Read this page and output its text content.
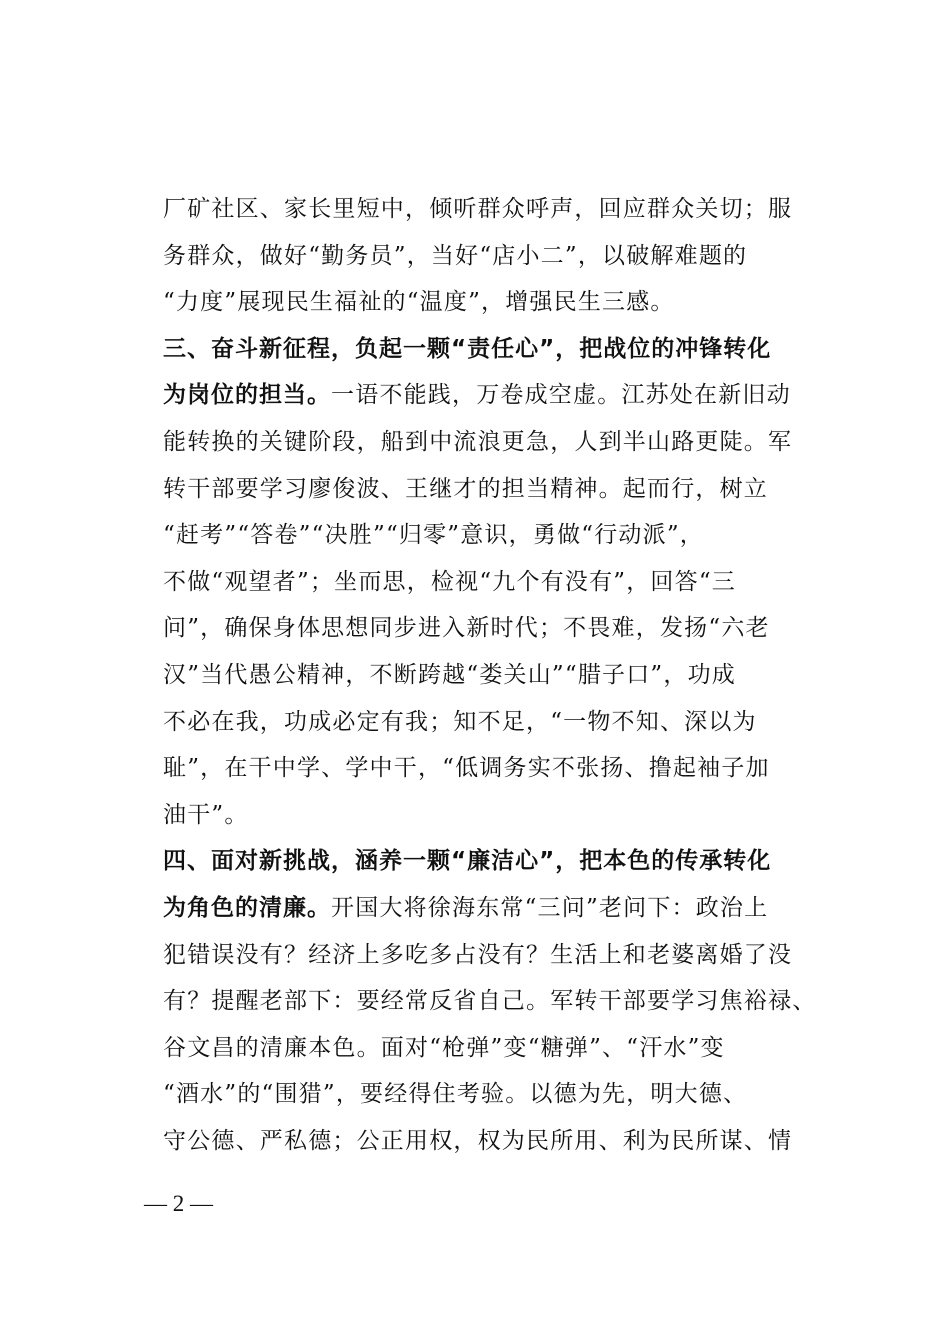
厂矿社区、家长里短中，倾听群众呼声，回应群众关切；服
务群众，做好“勤务员”，当好“店小二”，以破解难题的
“力度”展现民生福祉的“温度”，增强民生三感。
三、奋斗新征程，负起一颗“责任心”，把战位的冲锋转化
为岗位的担当。一语不能践，万卷成空虚。江苏处在新旧动
能转换的关键阶段，船到中流浪更急，人到半山路更陡。军
转干部要学习廖俊波、王继才的担当精神。起而行，树立
“赶考”“答卷”“决胜”“归零”意识，勇做“行动派”，
不做“观望者”；坐而思，检视“九个有没有”，回答“三
问”，确保身体思想同步进入新时代；不畏难，发扬“六老
汉”当代愚公精神，不断跨越“娄关山”“腊子口”，功成
不必在我，功成必定有我；知不足，“一物不知、深以为
耻”，在干中学、学中干，“低调务实不张扬、撸起袖子加
油干”。
四、面对新挑战，涵养一颗“廉洁心”，把本色的传承转化
为角色的清廉。开国大将徐海东常“三问”老问下：政治上
犯错误没有？经济上多吃多占没有？生活上和老婆离婚了没
有？提醒老部下：要经常反省自己。军转干部要学习焦裕禄、
谷文昌的清廉本色。面对“枪弹”变“糖弹”、“汗水”变
“酒水”的“围猎”，要经得住考验。以德为先，明大德、
守公德、严私德；公正用权，权为民所用、利为民所谋、情
— 2 —
